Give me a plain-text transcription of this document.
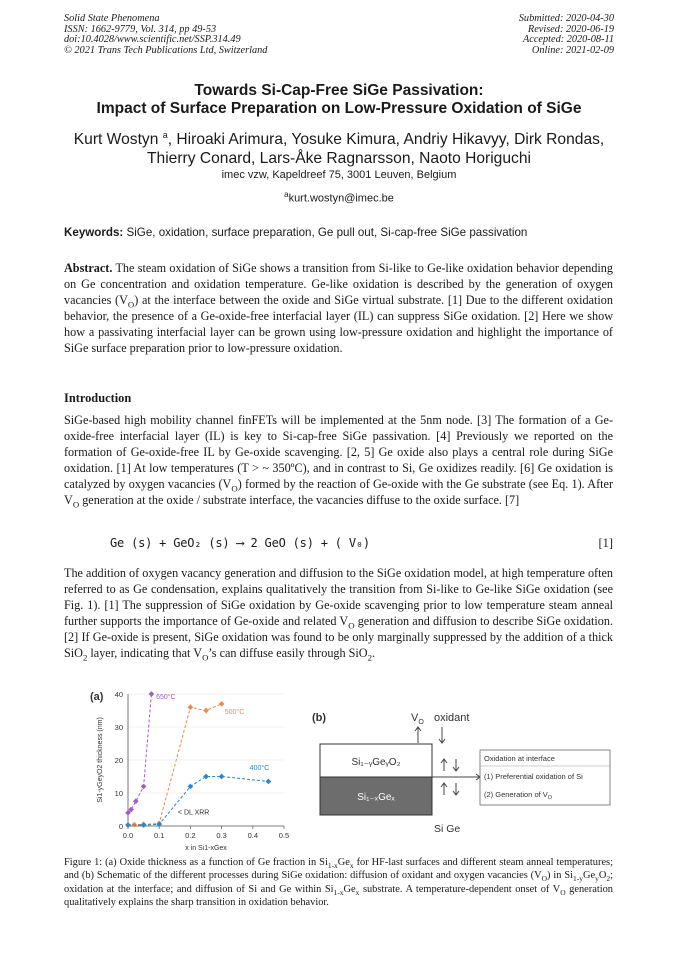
Solid State Phenomena
ISSN: 1662-9779, Vol. 314, pp 49-53
doi:10.4028/www.scientific.net/SSP.314.49
© 2021 Trans Tech Publications Ltd, Switzerland
Submitted: 2020-04-30
Revised: 2020-06-19
Accepted: 2020-08-11
Online: 2021-02-09
Towards Si-Cap-Free SiGe Passivation:
Impact of Surface Preparation on Low-Pressure Oxidation of SiGe
Kurt Wostyn $^a$, Hiroaki Arimura, Yosuke Kimura, Andriy Hikavyy, Dirk Rondas,
Thierry Conard, Lars-Åke Ragnarsson, Naoto Horiguchi
imec vzw, Kapeldreef 75, 3001 Leuven, Belgium
$^a$kurt.wostyn@imec.be
Keywords: SiGe, oxidation, surface preparation, Ge pull out, Si-cap-free SiGe passivation
Abstract. The steam oxidation of SiGe shows a transition from Si-like to Ge-like oxidation behavior depending on Ge concentration and oxidation temperature. Ge-like oxidation is described by the generation of oxygen vacancies $(V_O)$ at the interface between the oxide and SiGe virtual substrate. [1] Due to the different oxidation behavior, the presence of a Ge-oxide-free interfacial layer (IL) can suppress SiGe oxidation. [2] Here we show how a passivating interfacial layer can be grown using low-pressure oxidation and highlight the importance of SiGe surface preparation prior to low-pressure oxidation.
Introduction
SiGe-based high mobility channel finFETs will be implemented at the 5nm node. [3] The formation of a Ge-oxide-free interfacial layer (IL) is key to Si-cap-free SiGe passivation. [4] Previously we reported on the formation of Ge-oxide-free IL by Ge-oxide scavenging. [2, 5] Ge oxide also plays a central role during SiGe oxidation. [1] At low temperatures (T > ~ 350ºC), and in contrast to Si, Ge oxidizes readily. [6] Ge oxidation is catalyzed by oxygen vacancies $(V_O)$ formed by the reaction of Ge-oxide with the Ge substrate (see Eq. 1). After $V_O$ generation at the oxide / substrate interface, the vacancies diffuse to the oxide surface. [7]
Ge (s) + GeO₂ (s) ⟶ 2 GeO (s) + ( V₀)	[1]
The addition of oxygen vacancy generation and diffusion to the SiGe oxidation model, at high temperature often referred to as Ge condensation, explains qualitatively the transition from Si-like to Ge-like SiGe oxidation (see Fig. 1). [1] The suppression of SiGe oxidation by Ge-oxide scavenging prior to low temperature steam anneal further supports the importance of Ge-oxide and related $V_O$ generation and diffusion to describe SiGe oxidation. [2] If Ge-oxide is present, SiGe oxidation was found to be only marginally suppressed by the addition of a thick SiO$_2$ layer, indicating that $V_O’s$ can diffuse easily through SiO$_2$.
(a)
0
10
20
30
40
0.0	0.1	0.2	0.3	0.4	0.5
x in Si1-xGex
Si1-yGeyO2 thickness (nm)
650°C
500°C
400°C
< DL XRR
(b)	$V_O$ oxidant
Si₁₋ᵧGeᵧO₂
Si₁₋ₓGeₓ
Si Ge
Oxidation at interface
(1) Preferential oxidation of Si
(2) Generation of $V_O$
Figure 1: (a) Oxide thickness as a function of Ge fraction in $Si_{1-x}Ge_x$ for HF-last surfaces and different steam anneal temperatures; and (b) Schematic of the different processes during SiGe oxidation: diffusion of oxidant and oxygen vacancies $(V_O)$ in $Si_{1-y}Ge_yO_2$; oxidation at the interface; and diffusion of Si and Ge within $Si_{1-x}Ge_x$ substrate. A temperature-dependent onset of $V_O$ generation qualitatively explains the sharp transition in oxidation behavior.
